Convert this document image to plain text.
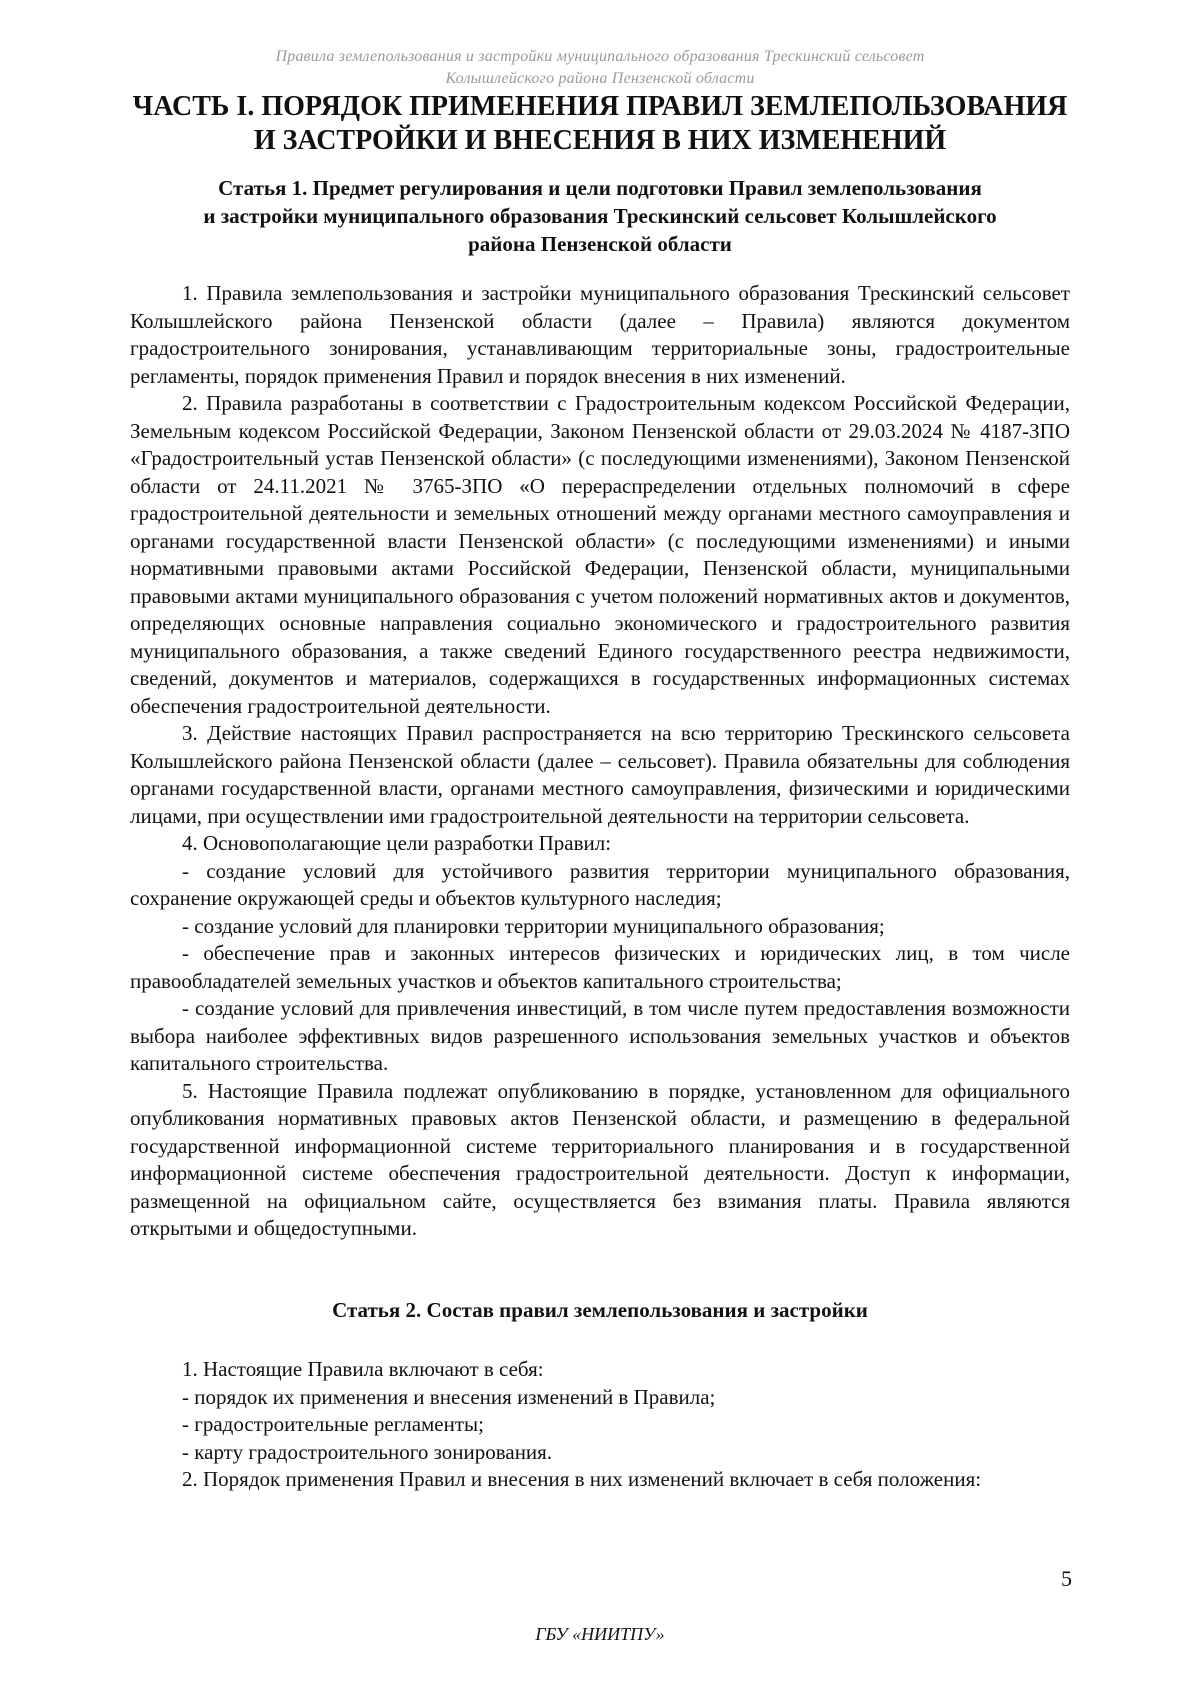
Правила землепользования и застройки муниципального образования Трескинский сельсовет
Колышлейского района Пензенской области
ЧАСТЬ I. ПОРЯДОК ПРИМЕНЕНИЯ ПРАВИЛ ЗЕМЛЕПОЛЬЗОВАНИЯ
И ЗАСТРОЙКИ И ВНЕСЕНИЯ В НИХ ИЗМЕНЕНИЙ
Статья 1. Предмет регулирования и цели подготовки Правил землепользования
и застройки муниципального образования Трескинский сельсовет Колышлейского
района Пензенской области

1. Правила землепользования и застройки муниципального образования Трескинский сельсовет Колышлейского района Пензенской области (далее – Правила) являются документом градостроительного зонирования, устанавливающим территориальные зоны, градостроительные регламенты, порядок применения Правил и порядок внесения в них изменений.

2. Правила разработаны в соответствии с Градостроительным кодексом Российской Федерации, Земельным кодексом Российской Федерации, Законом Пензенской области от 29.03.2024 № 4187-ЗПО «Градостроительный устав Пензенской области» (с последующими изменениями), Законом Пензенской области от 24.11.2021 № 3765-ЗПО «О перераспределении отдельных полномочий в сфере градостроительной деятельности и земельных отношений между органами местного самоуправления и органами государственной власти Пензенской области» (с последующими изменениями) и иными нормативными правовыми актами Российской Федерации, Пензенской области, муниципальными правовыми актами муниципального образования с учетом положений нормативных актов и документов, определяющих основные направления социально экономического и градостроительного развития муниципального образования, а также сведений Единого государственного реестра недвижимости, сведений, документов и материалов, содержащихся в государственных информационных системах обеспечения градостроительной деятельности.

3. Действие настоящих Правил распространяется на всю территорию Трескинского сельсовета Колышлейского района Пензенской области (далее – сельсовет). Правила обязательны для соблюдения органами государственной власти, органами местного самоуправления, физическими и юридическими лицами, при осуществлении ими градостроительной деятельности на территории сельсовета.

4. Основополагающие цели разработки Правил:

- создание условий для устойчивого развития территории муниципального образования, сохранение окружающей среды и объектов культурного наследия;

- создание условий для планировки территории муниципального образования;

- обеспечение прав и законных интересов физических и юридических лиц, в том числе правообладателей земельных участков и объектов капитального строительства;

- создание условий для привлечения инвестиций, в том числе путем предоставления возможности выбора наиболее эффективных видов разрешенного использования земельных участков и объектов капитального строительства.

5. Настоящие Правила подлежат опубликованию в порядке, установленном для официального опубликования нормативных правовых актов Пензенской области, и размещению в федеральной государственной информационной системе территориального планирования и в государственной информационной системе обеспечения градостроительной деятельности. Доступ к информации, размещенной на официальном сайте, осуществляется без взимания платы. Правила являются открытыми и общедоступными.

Статья 2. Состав правил землепользования и застройки

1. Настоящие Правила включают в себя:

- порядок их применения и внесения изменений в Правила;

- градостроительные регламенты;

- карту градостроительного зонирования.

2. Порядок применения Правил и внесения в них изменений включает в себя положения:

5
ГБУ «НИИТПУ»
